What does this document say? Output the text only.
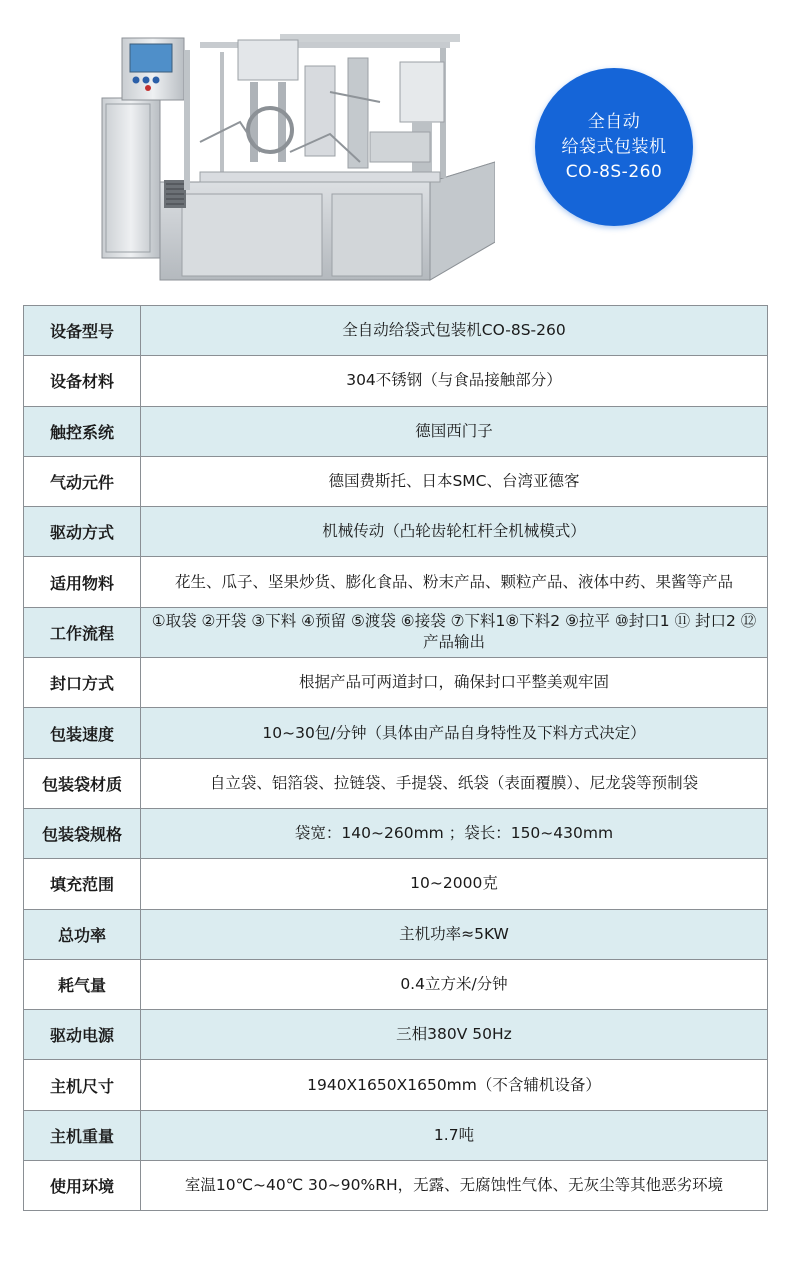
全自动
给袋式包装机
CO-8S-260
设备型号	全自动给袋式包装机CO-8S-260
设备材料	304不锈钢（与食品接触部分）
触控系统	德国西门子
气动元件	德国费斯托、日本SMC、台湾亚德客
驱动方式	机械传动（凸轮齿轮杠杆全机械模式）
适用物料	花生、瓜子、坚果炒货、膨化食品、粉末产品、颗粒产品、液体中药、果酱等产品
工作流程	①取袋 ②开袋 ③下料 ④预留 ⑤渡袋 ⑥接袋 ⑦下料1⑧下料2 ⑨拉平 ⑩封口1 ⑪ 封口2 ⑫ 产品输出
封口方式	根据产品可两道封口，确保封口平整美观牢固
包装速度	10~30包/分钟（具体由产品自身特性及下料方式决定）
包装袋材质	自立袋、铝箔袋、拉链袋、手提袋、纸袋（表面覆膜）、尼龙袋等预制袋
包装袋规格	袋宽：140~260mm ；袋长：150~430mm
填充范围	10~2000克
总功率	主机功率≈5KW
耗气量	0.4立方米/分钟
驱动电源	三相380V 50Hz
主机尺寸	1940X1650X1650mm（不含辅机设备）
主机重量	1.7吨
使用环境	室温10℃~40℃ 30~90%RH，无露、无腐蚀性气体、无灰尘等其他恶劣环境
